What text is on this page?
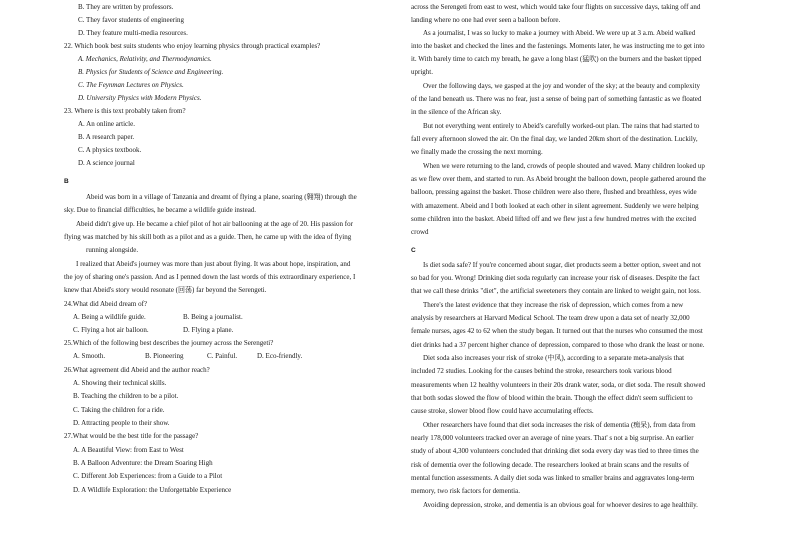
B. They are written by professors.
C. They favor students of engineering
D. They feature multi-media resources.
22. Which book best suits students who enjoy learning physics through practical examples?
A. Mechanics, Relativity, and Thermodynamics.
B. Physics for Students of Science and Engineering.
C. The Feynman Lectures on Physics.
D. University Physics with Modern Physics.
23. Where is this text probably taken from?
A. An online article.
B. A research paper.
C. A physics textbook.
D. A science journal
B
Abeid was born in a village of Tanzania and dreamt of flying a plane, soaring (翱翔) through the
sky. Due to financial difficulties, he became a wildlife guide instead.
Abeid didn't give up. He became a chief pilot of hot air ballooning at the age of 20. His passion for
flying was matched by his skill both as a pilot and as a guide. Then, he came up with the idea of flying
running alongside.
I realized that Abeid's journey was more than just about flying. It was about hope, inspiration, and
the joy of sharing one's passion. And as I penned down the last words of this extraordinary experience, I
knew that Abeid's story would resonate (回荡) far beyond the Serengeti.
24.What did Abeid dream of?
A. Being a wildlife guide.	B. Being a journalist.
C. Flying a hot air balloon.	D. Flying a plane.
25.Which of the following best describes the journey across the Serengeti?
A. Smooth.	B. Pioneering	C. Painful.	D. Eco-friendly.
26.What agreement did Abeid and the author reach?
A. Showing their technical skills.
B. Teaching the children to be a pilot.
C. Taking the children for a ride.
D. Attracting people to their show.
27.What would be the best title for the passage?
A. A Beautiful View: from East to West
B. A Balloon Adventure: the Dream Soaring High
C. Different Job Experiences: from a Guide to a Pilot
D. A Wildlife Exploration: the Unforgettable Experience
across the Serengeti from east to west, which would take four flights on successive days, taking off and
landing where no one had ever seen a balloon before.
As a journalist, I was so lucky to make a journey with Abeid. We were up at 3 a.m. Abeid walked
into the basket and checked the lines and the fastenings. Moments later, he was instructing me to get into
it. With barely time to catch my breath, he gave a long blast (猛吹) on the burners and the basket tipped
upright.
Over the following days, we gasped at the joy and wonder of the sky; at the beauty and complexity
of the land beneath us. There was no fear, just a sense of being part of something fantastic as we floated
in the silence of the African sky.
But not everything went entirely to Abeid's carefully worked-out plan. The rains that had started to
fall every afternoon slowed the air. On the final day, we landed 20km short of the destination. Luckily,
we finally made the crossing the next morning.
When we were returning to the land, crowds of people shouted and waved. Many children looked up
as we flew over them, and started to run. As Abeid brought the balloon down, people gathered around the
balloon, pressing against the basket. Those children were also there, flushed and breathless, eyes wide
with amazement. Abeid and I both looked at each other in silent agreement. Suddenly we were helping
some children into the basket. Abeid lifted off and we flew just a few hundred metres with the excited
crowd
C
Is diet soda safe? If you're concerned about sugar, diet products seem a better option, sweet and not
so bad for you. Wrong! Drinking diet soda regularly can increase your risk of diseases. Despite the fact
that we call these drinks "diet", the artificial sweeteners they contain are linked to weight gain, not loss.
There's the latest evidence that they increase the risk of depression, which comes from a new
analysis by researchers at Harvard Medical School. The team drew upon a data set of nearly 32,000
female nurses, ages 42 to 62 when the study began. It turned out that the nurses who consumed the most
diet drinks had a 37 percent higher chance of depression, compared to those who drank the least or none.
Diet soda also increases your risk of stroke (中风), according to a separate meta-analysis that
included 72 studies. Looking for the causes behind the stroke, researchers took various blood
measurements when 12 healthy volunteers in their 20s drank water, soda, or diet soda. The result showed
that both sodas slowed the flow of blood within the brain. Though the effect didn't seem sufficient to
cause stroke, slower blood flow could have accumulating effects.
Other researchers have found that diet soda increases the risk of dementia (痴呆), from data from
nearly 178,000 volunteers tracked over an average of nine years. That' s not a big surprise. An earlier
study of about 4,300 volunteers concluded that drinking diet soda every day was tied to three times the
risk of dementia over the following decade. The researchers looked at brain scans and the results of
mental function assessments. A daily diet soda was linked to smaller brains and aggravates long-term
memory, two risk factors for dementia.
Avoiding depression, stroke, and dementia is an obvious goal for whoever desires to age healthily.
